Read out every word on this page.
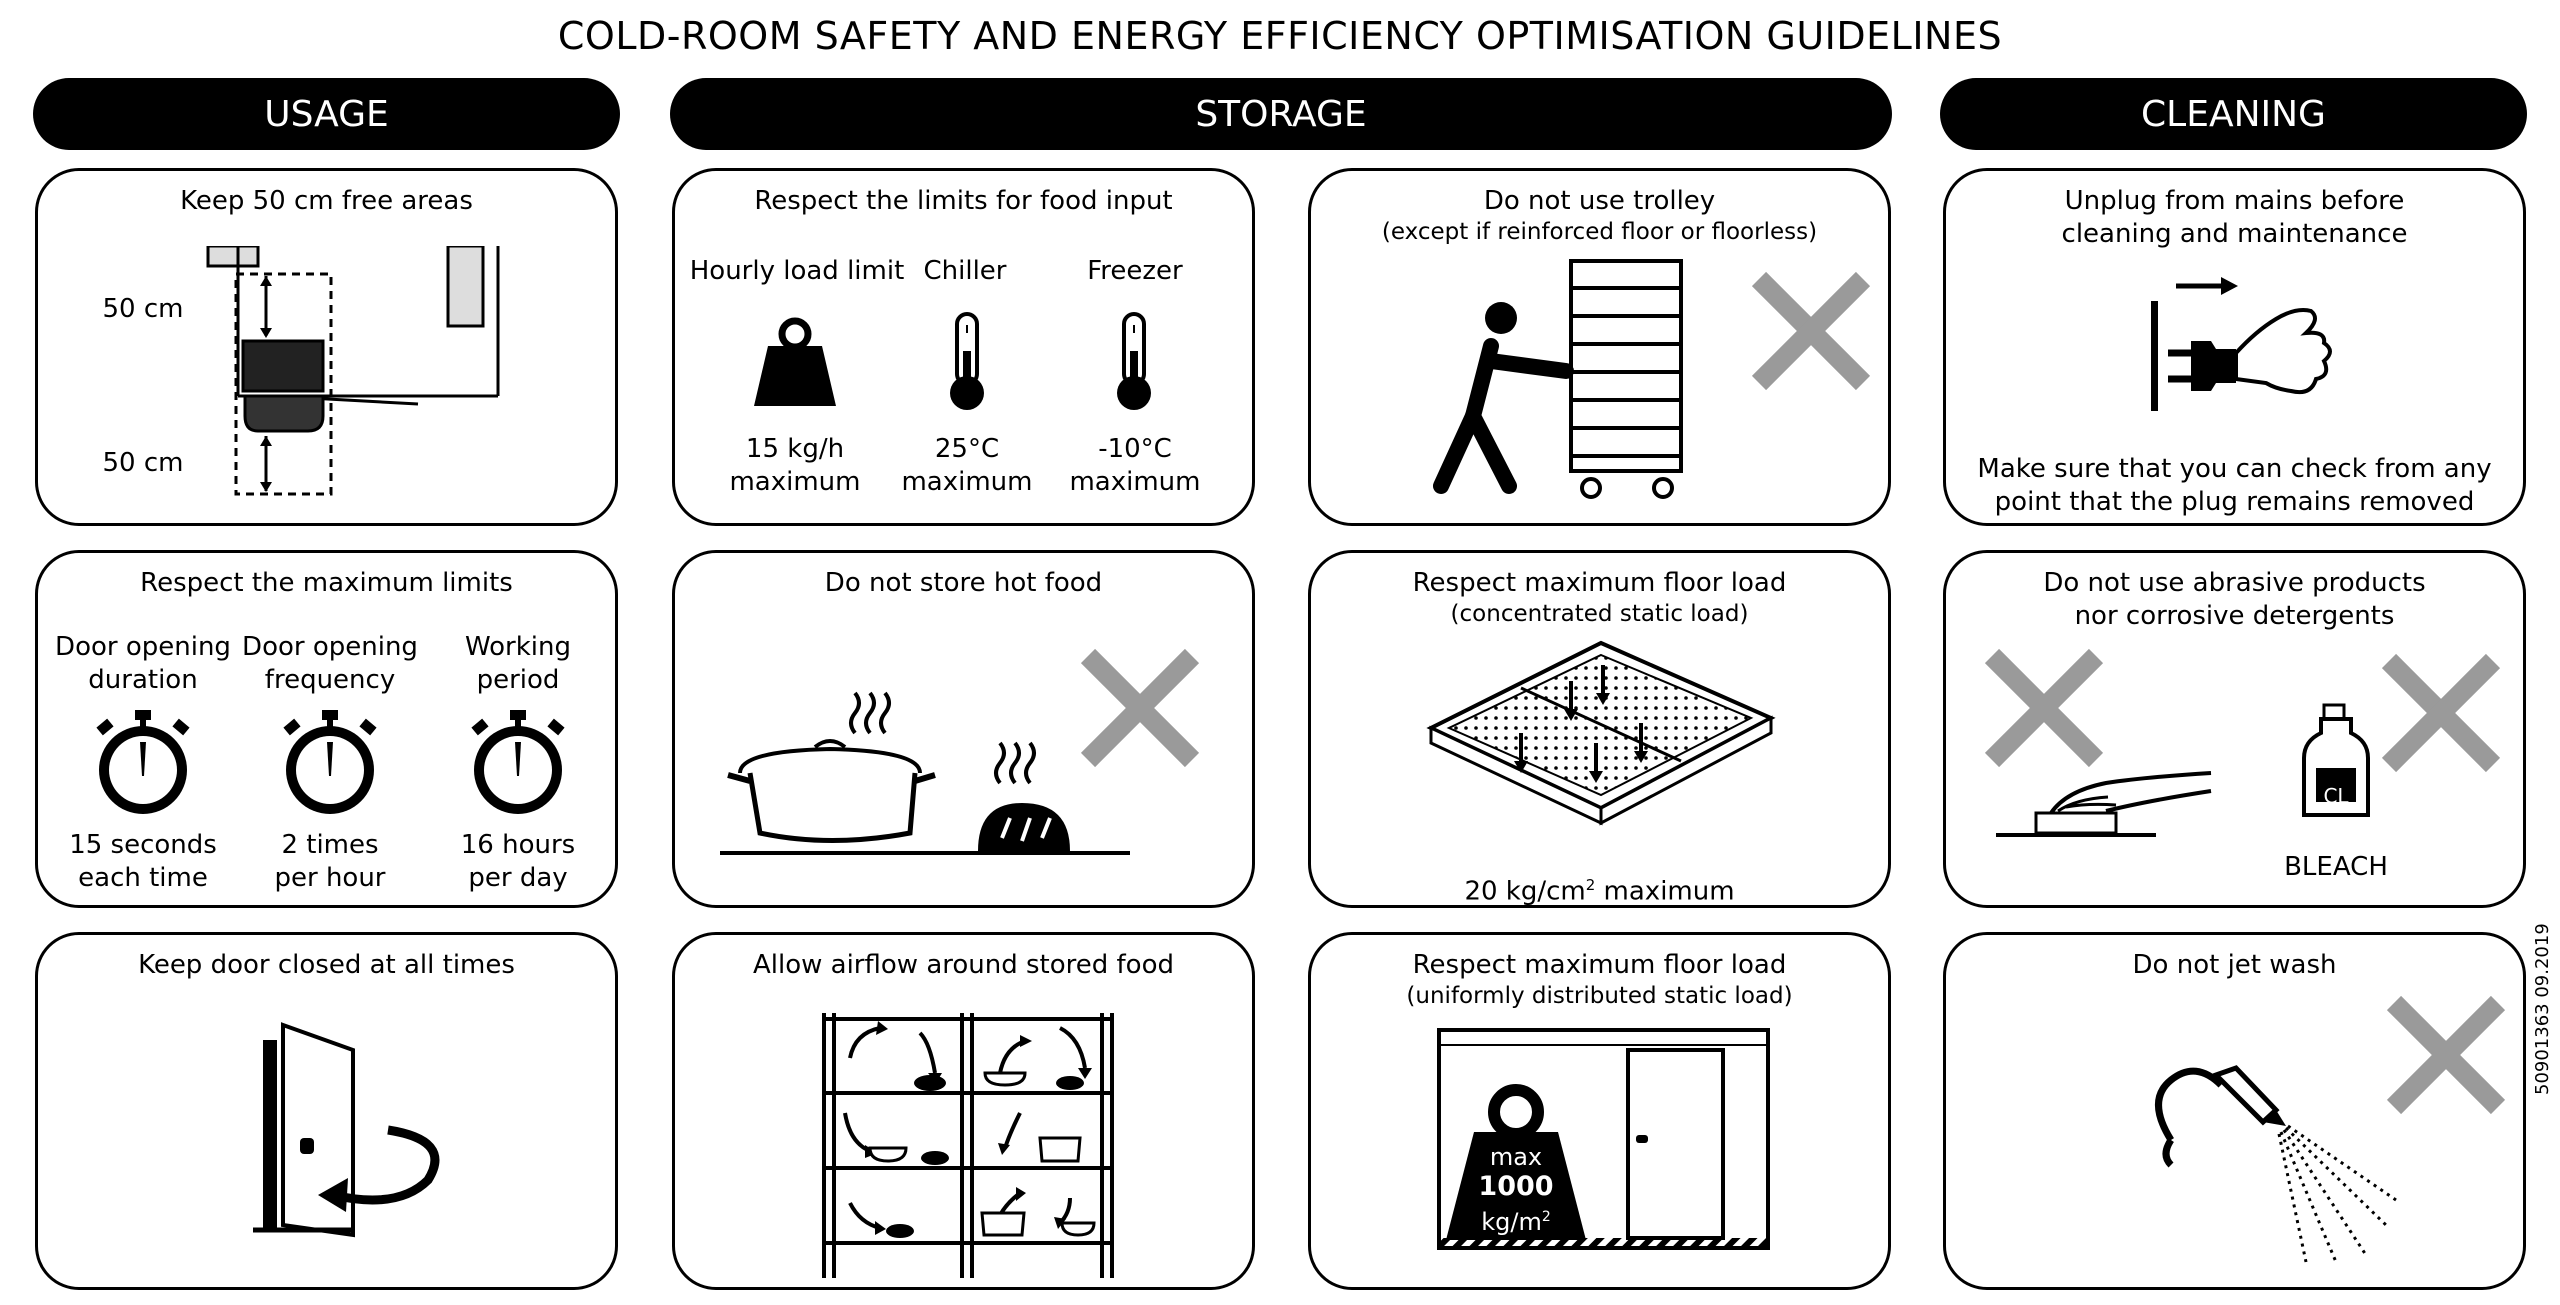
COLD-ROOM SAFETY AND ENERGY EFFICIENCY OPTIMISATION GUIDELINES
USAGE	STORAGE	CLEANING
Keep 50 cm free areas
50 cm
50 cm
Respect the maximum limits
Door opening
duration
Door opening
frequency
Working
period
15 seconds
each time
2 times
per hour
16 hours
per day
Keep door closed at all times
Respect the limits for food input
Hourly load limit Chiller	Freezer
15 kg/h
maximum
25°C
maximum
-10°C
maximum
Do not store hot food
Allow airflow around stored food
Do not use trolley
(except if reinforced floor or floorless)
Respect maximum floor load
(concentrated static load)
20 $kg/cm^2$ maximum
Respect maximum floor load
(uniformly distributed static load)
max
1000
$kg/m^2$
Unplug from mains before
cleaning and maintenance
Make sure that you can check from any
point that the plug remains removed
Do not use abrasive products
nor corrosive detergents
CL
BLEACH
Do not jet wash	50901363 09.2019
